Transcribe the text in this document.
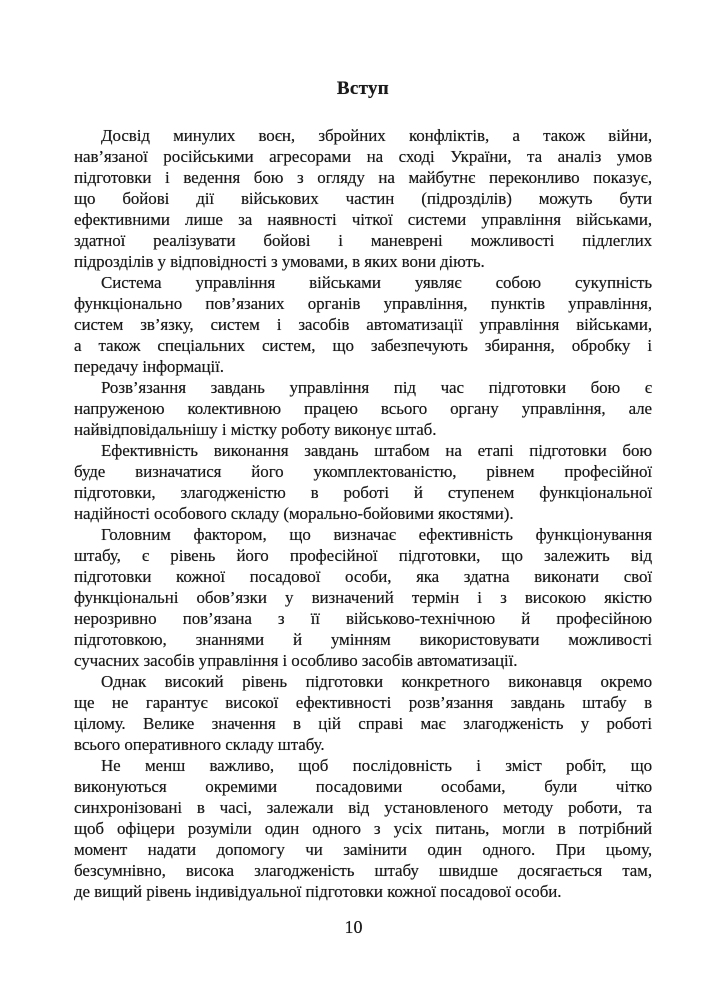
Вступ
Досвід минулих воєн, збройних конфліктів, а також війни,
нав’язаної російськими агресорами на сході України, та аналіз умов
підготовки і ведення бою з огляду на майбутнє переконливо показує,
що бойові дії військових частин (підрозділів) можуть бути
ефективними лише за наявності чіткої системи управління військами,
здатної реалізувати бойові і маневрені можливості підлеглих
підрозділів у відповідності з умовами, в яких вони діють.
Система управління військами уявляє собою сукупність
функціонально пов’язаних органів управління, пунктів управління,
систем зв’язку, систем і засобів автоматизації управління військами,
а також спеціальних систем, що забезпечують збирання, обробку і
передачу інформації.
Розв’язання завдань управління під час підготовки бою є
напруженою колективною працею всього органу управління, але
найвідповідальнішу і містку роботу виконує штаб.
Ефективність виконання завдань штабом на етапі підготовки бою
буде визначатися його укомплектованістю, рівнем професійної
підготовки, злагодженістю в роботі й ступенем функціональної
надійності особового складу (морально-бойовими якостями).
Головним фактором, що визначає ефективність функціонування
штабу, є рівень його професійної підготовки, що залежить від
підготовки кожної посадової особи, яка здатна виконати свої
функціональні обов’язки у визначений термін і з високою якістю
нерозривно пов’язана з її військово-технічною й професійною
підготовкою, знаннями й умінням використовувати можливості
сучасних засобів управління і особливо засобів автоматизації.
Однак високий рівень підготовки конкретного виконавця окремо
ще не гарантує високої ефективності розв’язання завдань штабу в
цілому. Велике значення в цій справі має злагодженість у роботі
всього оперативного складу штабу.
Не менш важливо, щоб послідовність і зміст робіт, що
виконуються окремими посадовими особами, були чітко
синхронізовані в часі, залежали від установленого методу роботи, та
щоб офіцери розуміли один одного з усіх питань, могли в потрібний
момент надати допомогу чи замінити один одного. При цьому,
безсумнівно, висока злагодженість штабу швидше досягається там,
де вищий рівень індивідуальної підготовки кожної посадової особи.
10
